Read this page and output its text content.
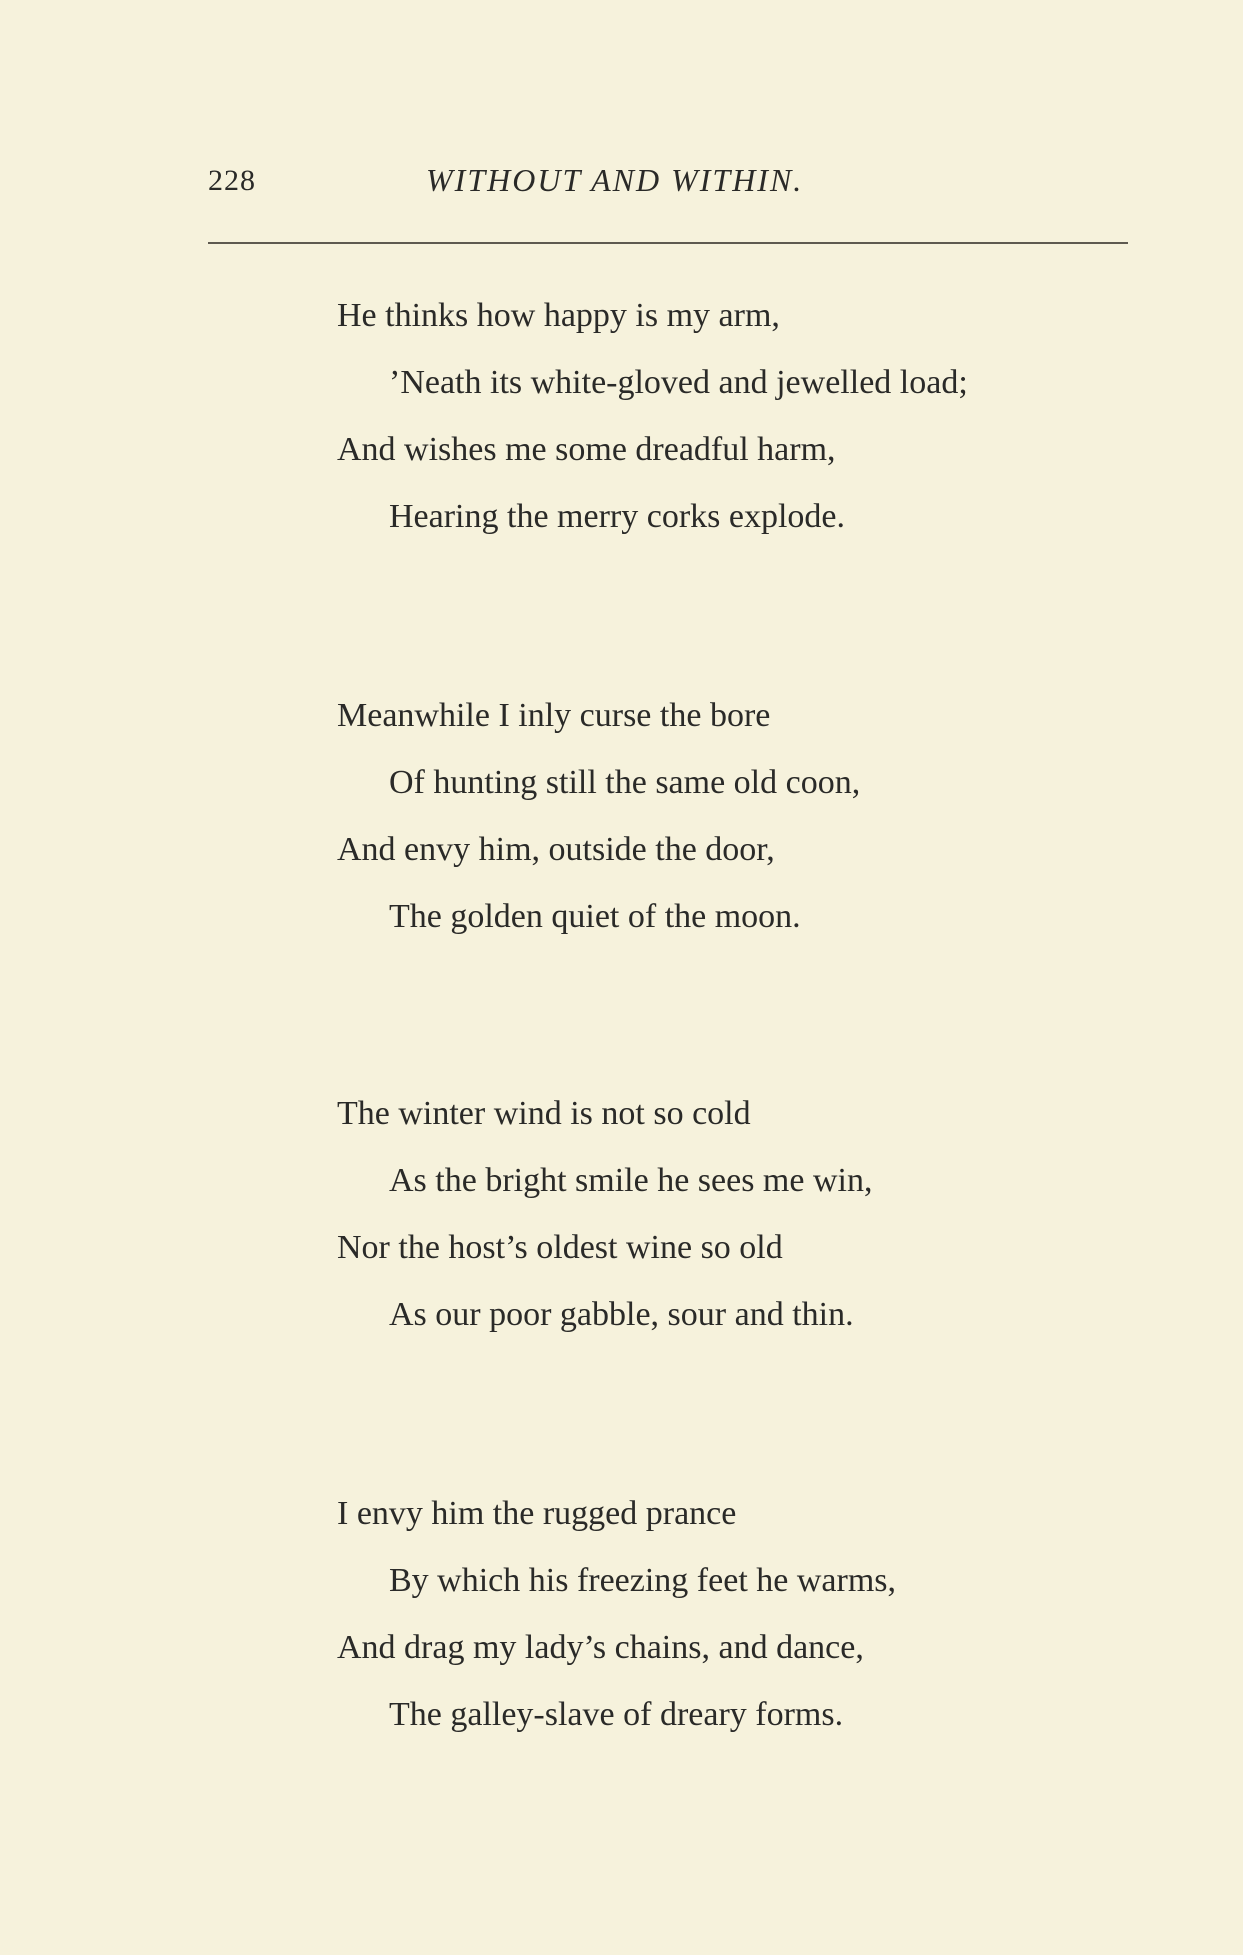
228	WITHOUT AND WITHIN.
He thinks how happy is my arm,
’Neath its white-gloved and jewelled load;
And wishes me some dreadful harm,
Hearing the merry corks explode.
Meanwhile I inly curse the bore
Of hunting still the same old coon,
And envy him, outside the door,
The golden quiet of the moon.
The winter wind is not so cold
As the bright smile he sees me win,
Nor the host’s oldest wine so old
As our poor gabble, sour and thin.
I envy him the rugged prance
By which his freezing feet he warms,
And drag my lady’s chains, and dance,
The galley-slave of dreary forms.
